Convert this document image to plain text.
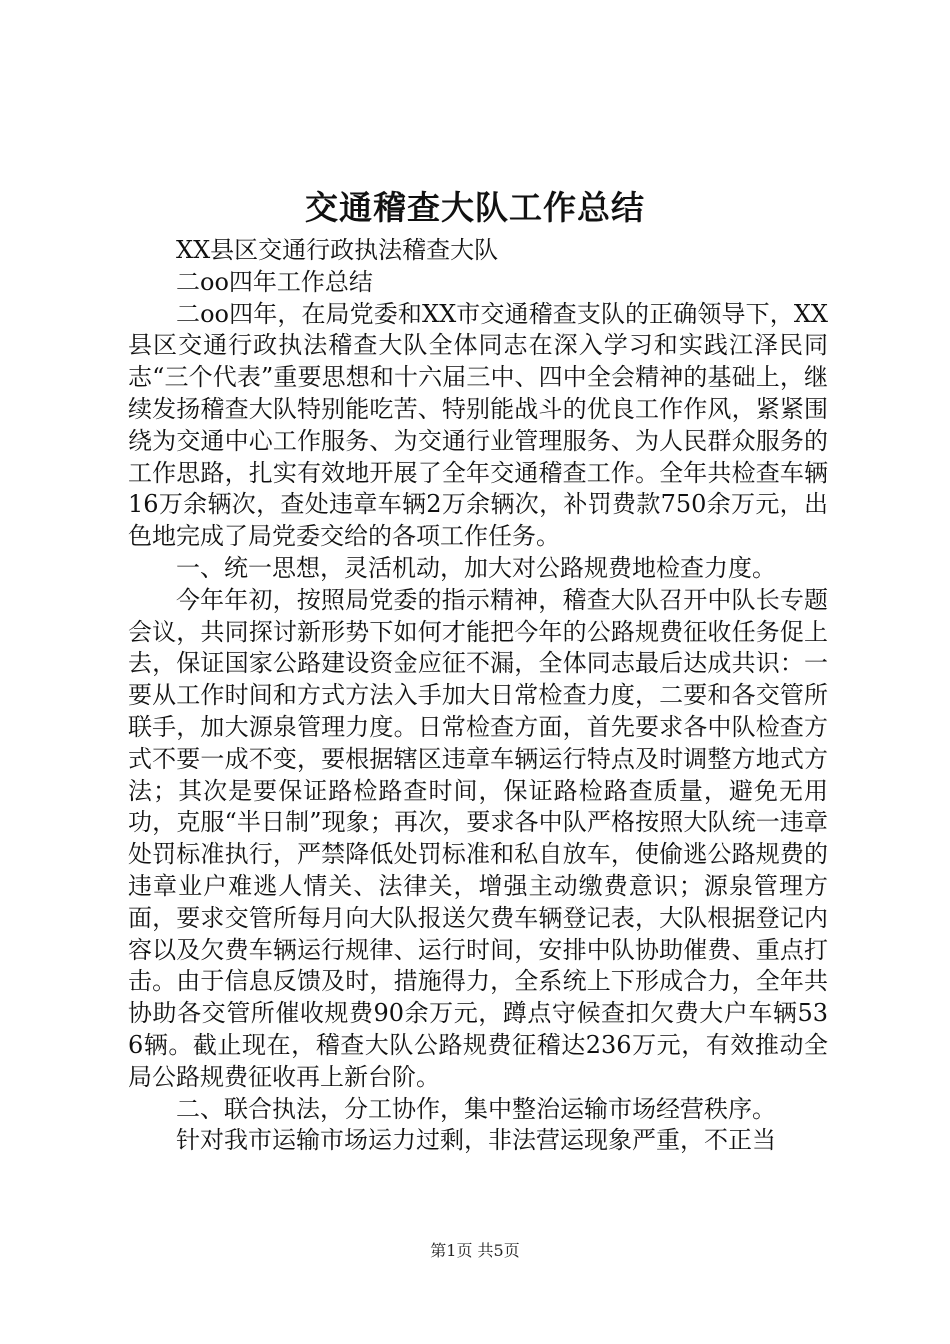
交通稽查大队工作总结

XX县区交通行政执法稽查大队

二oo四年工作总结

二oo四年，在局党委和XX市交通稽查支队的正确领导下，XX县区交通行政执法稽查大队全体同志在深入学习和实践江泽民同志“三个代表”重要思想和十六届三中、四中全会精神的基础上，继续发扬稽查大队特别能吃苦、特别能战斗的优良工作作风，紧紧围绕为交通中心工作服务、为交通行业管理服务、为人民群众服务的工作思路，扎实有效地开展了全年交通稽查工作。全年共检查车辆16万余辆次，查处违章车辆2万余辆次，补罚费款750余万元，出色地完成了局党委交给的各项工作任务。

一、统一思想，灵活机动，加大对公路规费地检查力度。

今年年初，按照局党委的指示精神，稽查大队召开中队长专题会议，共同探讨新形势下如何才能把今年的公路规费征收任务促上去，保证国家公路建设资金应征不漏，全体同志最后达成共识：一要从工作时间和方式方法入手加大日常检查力度，二要和各交管所联手，加大源泉管理力度。日常检查方面，首先要求各中队检查方式不要一成不变，要根据辖区违章车辆运行特点及时调整方地式方法；其次是要保证路检路查时间，保证路检路查质量，避免无用功，克服“半日制”现象；再次，要求各中队严格按照大队统一违章处罚标准执行，严禁降低处罚标准和私自放车，使偷逃公路规费的违章业户难逃人情关、法律关，增强主动缴费意识；源泉管理方面，要求交管所每月向大队报送欠费车辆登记表，大队根据登记内容以及欠费车辆运行规律、运行时间，安排中队协助催费、重点打击。由于信息反馈及时，措施得力，全系统上下形成合力，全年共协助各交管所催收规费90余万元，蹲点守候查扣欠费大户车辆536辆。截止现在，稽查大队公路规费征稽达236万元，有效推动全局公路规费征收再上新台阶。

二、联合执法，分工协作，集中整治运输市场经营秩序。

针对我市运输市场运力过剩，非法营运现象严重，不正当

第1页 共5页
